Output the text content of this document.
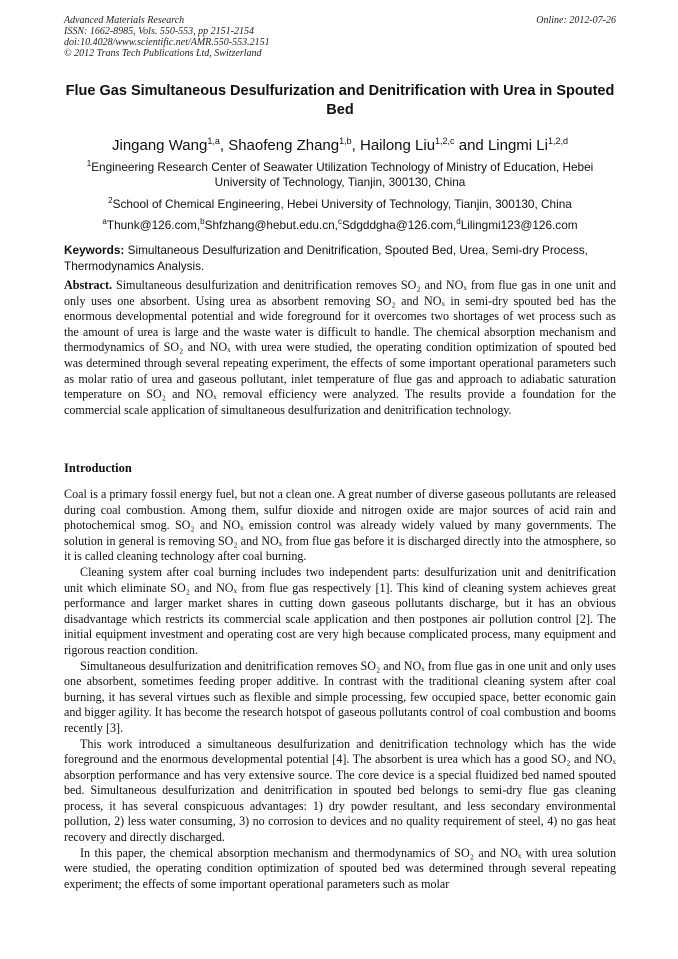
Advanced Materials Research
ISSN: 1662-8985, Vols. 550-553, pp 2151-2154
doi:10.4028/www.scientific.net/AMR.550-553.2151
© 2012 Trans Tech Publications Ltd, Switzerland
Online: 2012-07-26
Flue Gas Simultaneous Desulfurization and Denitrification with Urea in Spouted Bed
Jingang Wang$^{1,a}$, Shaofeng Zhang$^{1,b}$, Hailong Liu$^{1,2,c}$ and Lingmi Li$^{1,2,d}$
$^1$Engineering Research Center of Seawater Utilization Technology of Ministry of Education, Hebei University of Technology, Tianjin, 300130, China
$^2$School of Chemical Engineering, Hebei University of Technology, Tianjin, 300130, China
$^a$Thunk@126.com,$^b$Shfzhang@hebut.edu.cn,$^c$Sdgddgha@126.com,$^d$Lilingmi123@126.com
Keywords: Simultaneous Desulfurization and Denitrification, Spouted Bed, Urea, Semi-dry Process, Thermodynamics Analysis.

Abstract. Simultaneous desulfurization and denitrification removes SO₂ and NOₓ from flue gas in one unit and only uses one absorbent. Using urea as absorbent removing SO₂ and NOₓ in semi-dry spouted bed has the enormous developmental potential and wide foreground for it overcomes two shortages of wet process such as the amount of urea is large and the waste water is difficult to handle. The chemical absorption mechanism and thermodynamics of SO₂ and NOₓ with urea were studied, the operating condition optimization of spouted bed was determined through several repeating experiment, the effects of some important operational parameters such as molar ratio of urea and gaseous pollutant, inlet temperature of flue gas and approach to adiabatic saturation temperature on SO₂ and NOₓ removal efficiency were analyzed. The results provide a foundation for the commercial scale application of simultaneous desulfurization and denitrification technology.

Introduction

Coal is a primary fossil energy fuel, but not a clean one. A great number of diverse gaseous pollutants are released during coal combustion. Among them, sulfur dioxide and nitrogen oxide are major sources of acid rain and photochemical smog. SO₂ and NOₓ emission control was already widely valued by many governments. The solution in general is removing SO₂ and NOₓ from flue gas before it is discharged directly into the atmosphere, so it is called cleaning technology after coal burning.

Cleaning system after coal burning includes two independent parts: desulfurization unit and denitrification unit which eliminate SO₂ and NOₓ from flue gas respectively [1]. This kind of cleaning system achieves great performance and larger market shares in cutting down gaseous pollutants discharge, but it has an obvious disadvantage which restricts its commercial scale application and then postpones air pollution control [2]. The initial equipment investment and operating cost are very high because complicated process, many equipment and rigorous reaction condition.

Simultaneous desulfurization and denitrification removes SO₂ and NOₓ from flue gas in one unit and only uses one absorbent, sometimes feeding proper additive. In contrast with the traditional cleaning system after coal burning, it has several virtues such as flexible and simple processing, few occupied space, better economic gain and bigger agility. It has become the research hotspot of gaseous pollutants control of coal combustion and booms recently [3].

This work introduced a simultaneous desulfurization and denitrification technology which has the wide foreground and the enormous developmental potential [4]. The absorbent is urea which has a good SO₂ and NOₓ absorption performance and has very extensive source. The core device is a special fluidized bed named spouted bed. Simultaneous desulfurization and denitrification in spouted bed belongs to semi-dry flue gas cleaning process, it has several conspicuous advantages: 1) dry powder resultant, and less secondary environmental pollution, 2) less water consuming, 3) no corrosion to devices and no quality requirement of steel, 4) no gas heat recovery and directly discharged.

In this paper, the chemical absorption mechanism and thermodynamics of SO₂ and NOₓ with urea solution were studied, the operating condition optimization of spouted bed was determined through several repeating experiment; the effects of some important operational parameters such as molar
